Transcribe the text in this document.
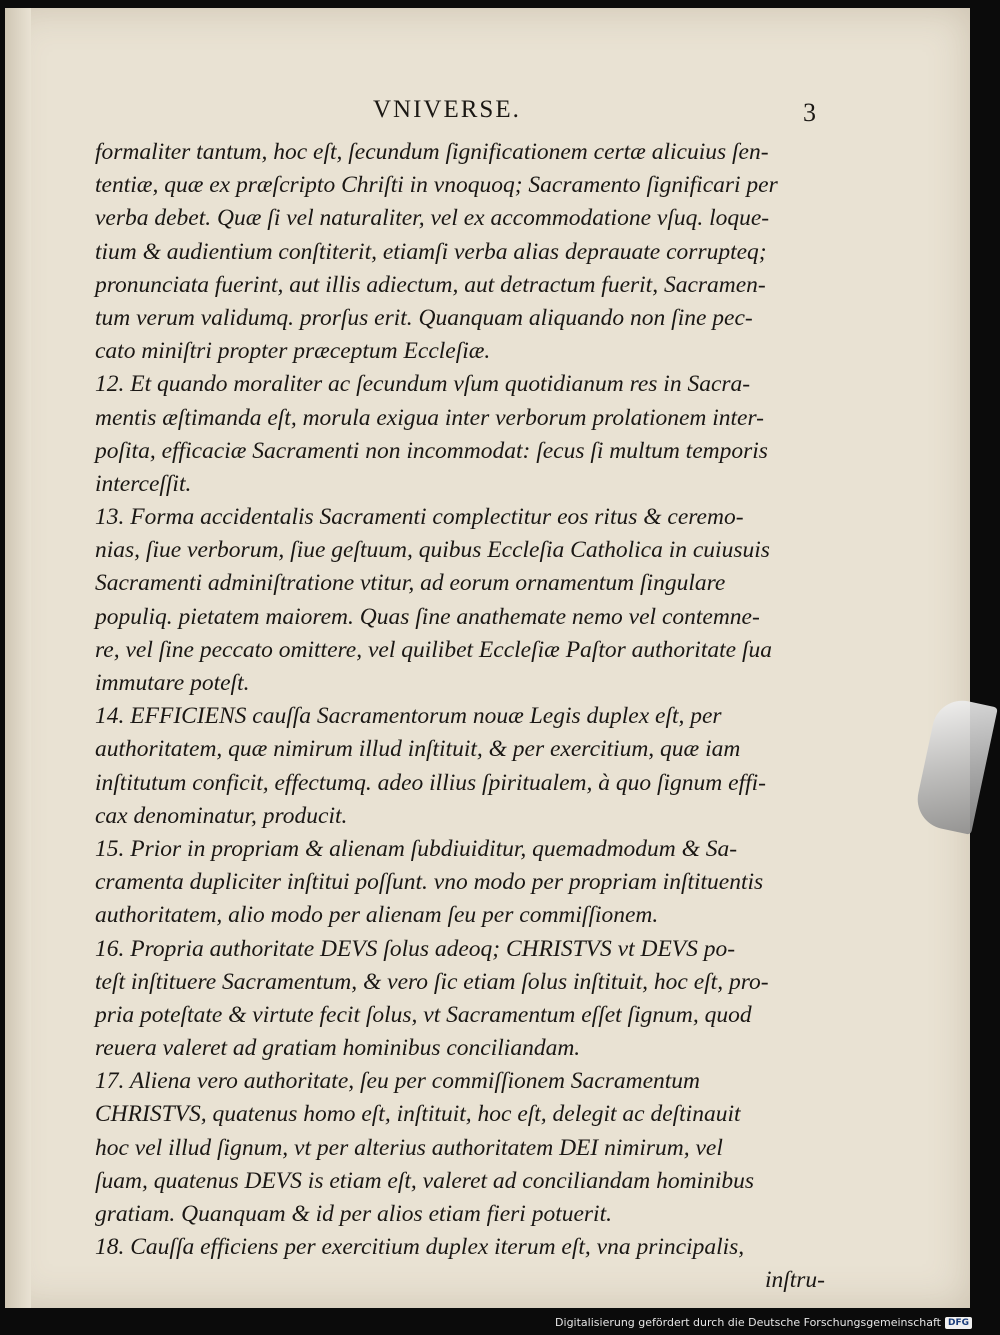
VNIVERSE.	3
formaliter tantum, hoc eſt, ſecundum ſignificationem certæ alicuius ſen-
tentiæ, quæ ex præſcripto Chriſti in vnoquoq; Sacramento ſignificari per
verba debet. Quæ ſi vel naturaliter, vel ex accommodatione vſuq. loque-
tium & audientium conſtiterit, etiamſi verba alias deprauate corrupteq;
pronunciata fuerint, aut illis adiectum, aut detractum fuerit, Sacramen-
tum verum validumq. prorſus erit. Quanquam aliquando non ſine pec-
cato miniſtri propter præceptum Eccleſiæ.
12. Et quando moraliter ac ſecundum vſum quotidianum res in Sacra-
mentis æſtimanda eſt, morula exigua inter verborum prolationem inter-
poſita, efficaciæ Sacramenti non incommodat: ſecus ſi multum temporis
interceſſit.
13. Forma accidentalis Sacramenti complectitur eos ritus & ceremo-
nias, ſiue verborum, ſiue geſtuum, quibus Eccleſia Catholica in cuiusuis
Sacramenti adminiſtratione vtitur, ad eorum ornamentum ſingulare
populiq. pietatem maiorem. Quas ſine anathemate nemo vel contemne-
re, vel ſine peccato omittere, vel quilibet Eccleſiæ Paſtor authoritate ſua
immutare poteſt.
14. EFFICIENS cauſſa Sacramentorum nouæ Legis duplex eſt, per
authoritatem, quæ nimirum illud inſtituit, & per exercitium, quæ iam
inſtitutum conficit, effectumq. adeo illius ſpiritualem, à quo ſignum effi-
cax denominatur, producit.
15. Prior in propriam & alienam ſubdiuiditur, quemadmodum & Sa-
cramenta dupliciter inſtitui poſſunt. vno modo per propriam inſtituentis
authoritatem, alio modo per alienam ſeu per commiſſionem.
16. Propria authoritate DEVS ſolus adeoq; CHRISTVS vt DEVS po-
teſt inſtituere Sacramentum, & vero ſic etiam ſolus inſtituit, hoc eſt, pro-
pria poteſtate & virtute fecit ſolus, vt Sacramentum eſſet ſignum, quod
reuera valeret ad gratiam hominibus conciliandam.
17. Aliena vero authoritate, ſeu per commiſſionem Sacramentum
CHRISTVS, quatenus homo eſt, inſtituit, hoc eſt, delegit ac deſtinauit
hoc vel illud ſignum, vt per alterius authoritatem DEI nimirum, vel
ſuam, quatenus DEVS is etiam eſt, valeret ad conciliandam hominibus
gratiam. Quanquam & id per alios etiam fieri potuerit.
18. Cauſſa efficiens per exercitium duplex iterum eſt, vna principalis,
inſtru-
Digitalisierung gefördert durch die Deutsche Forschungsgemeinschaft DFG
